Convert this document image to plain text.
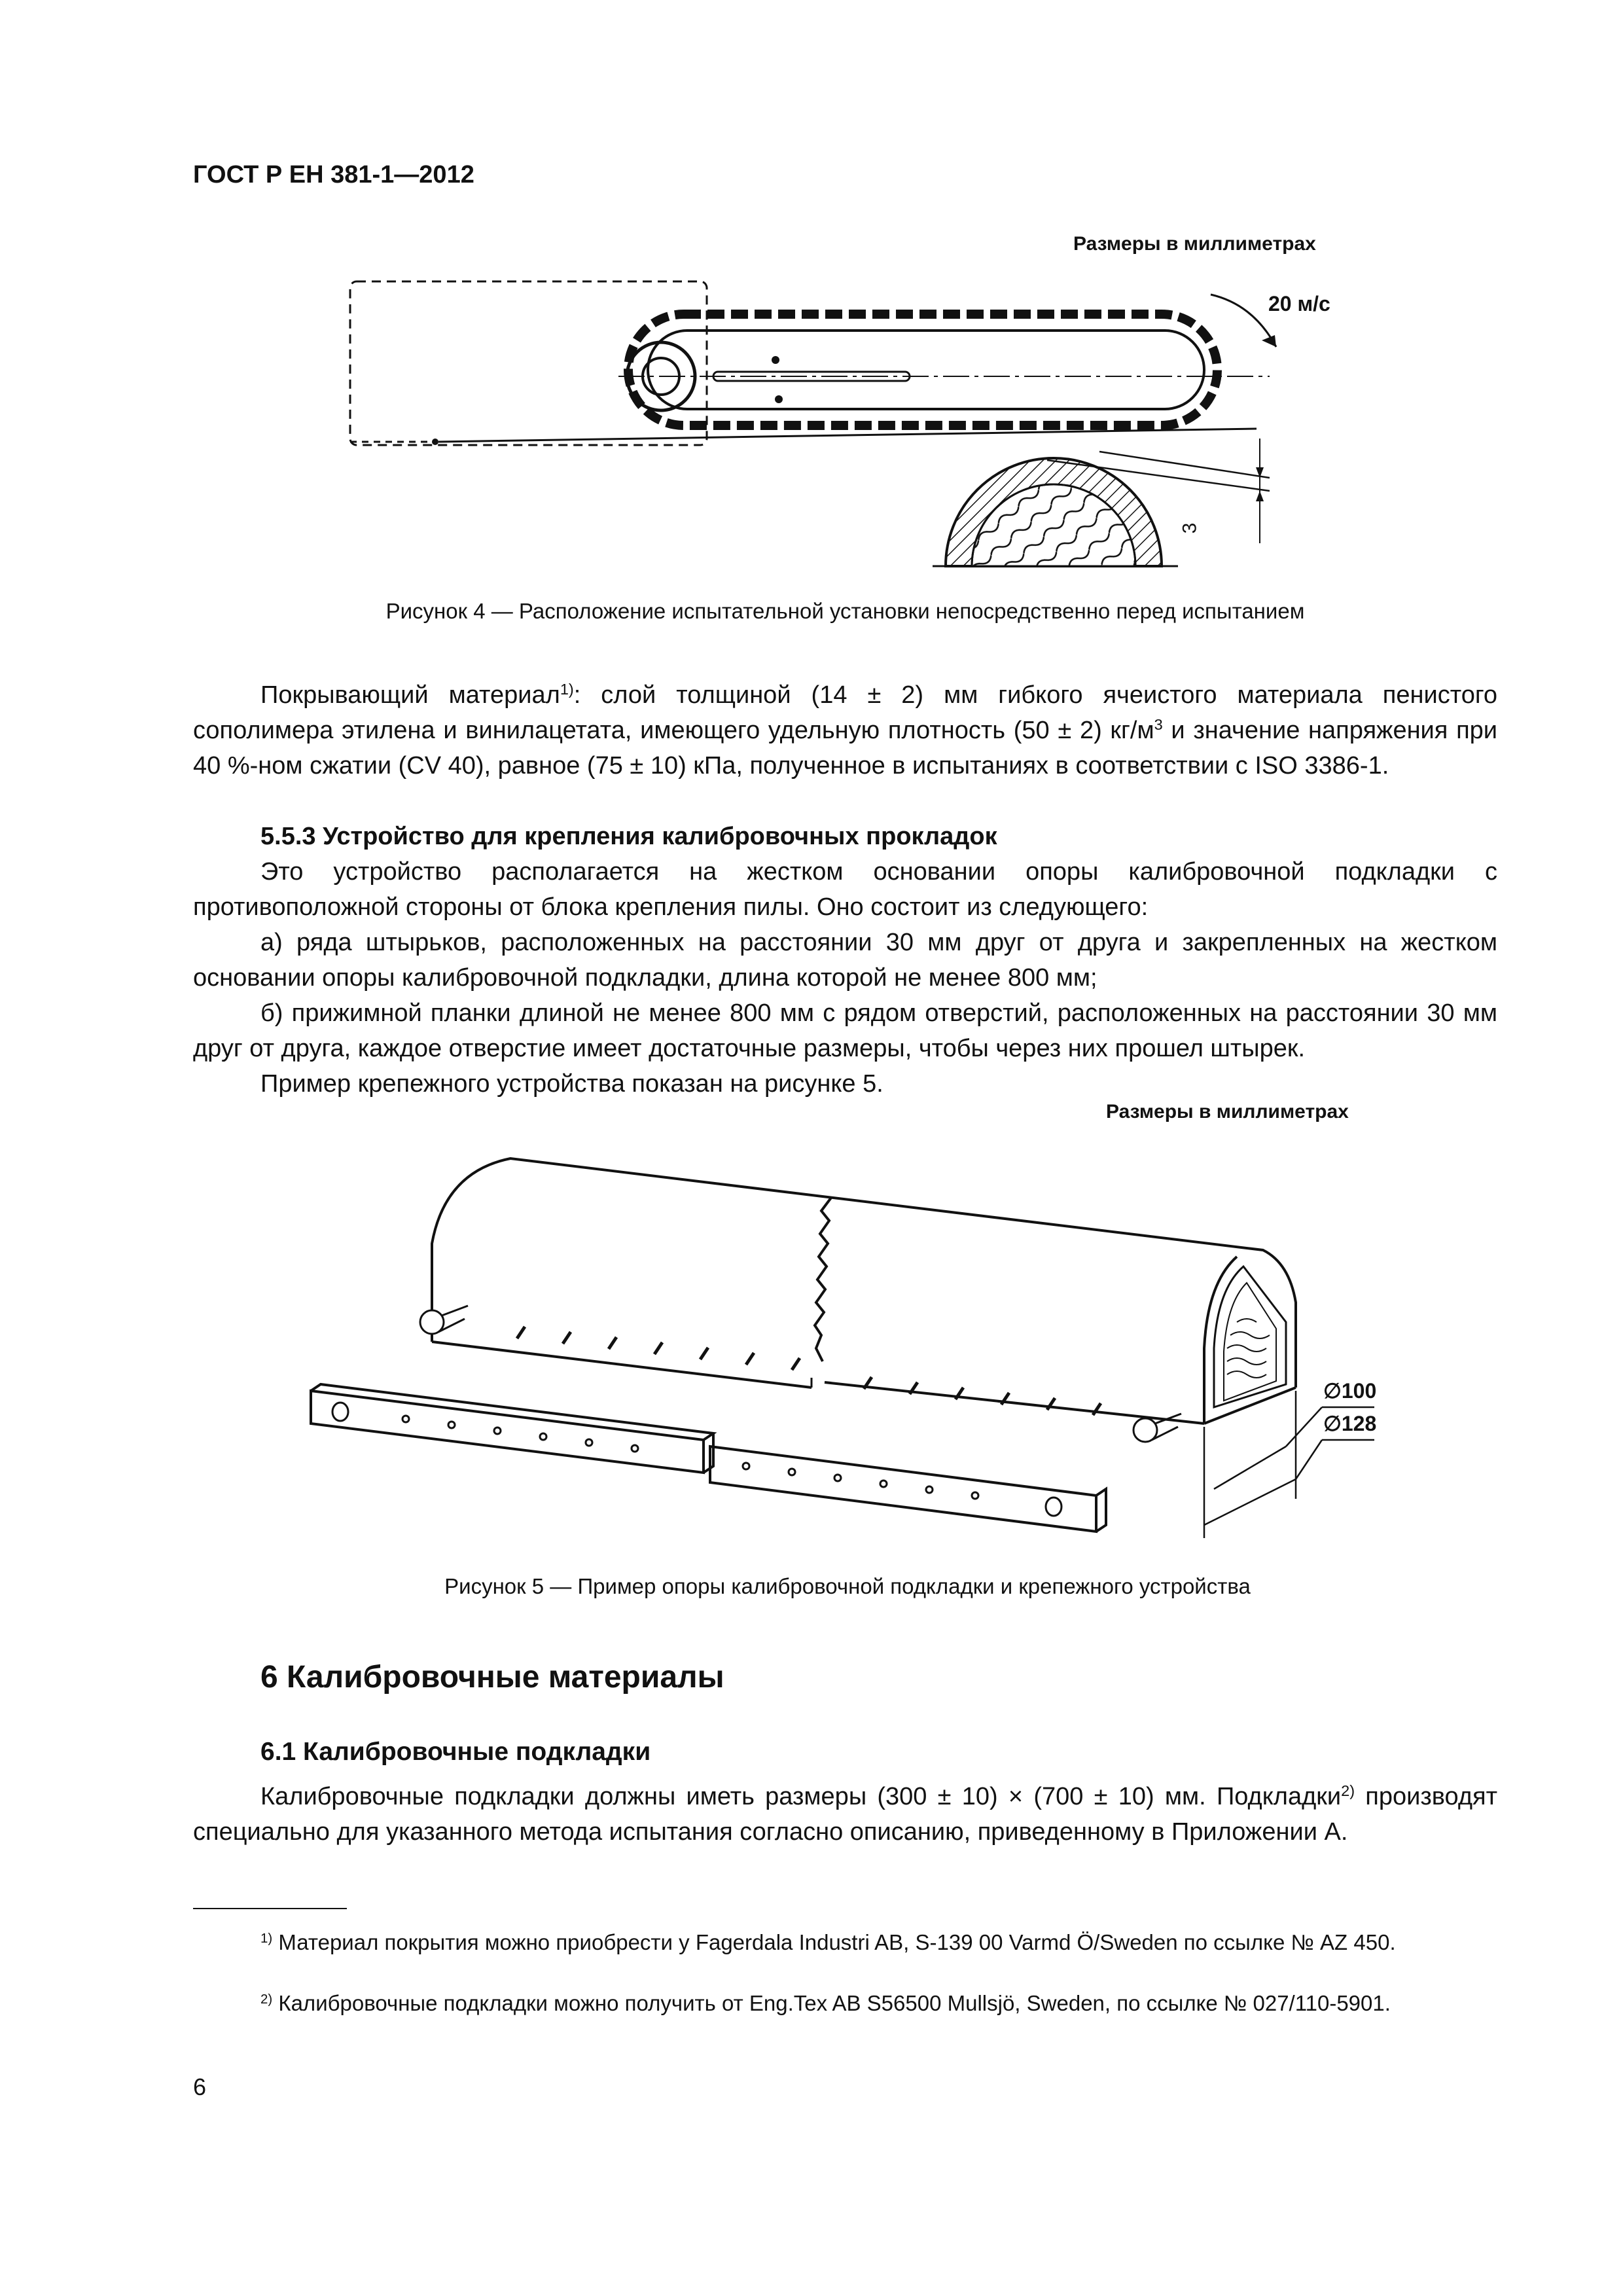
ГОСТ Р ЕН 381-1—2012
Размеры в миллиметрах
20 м/с
3
Рисунок 4 — Расположение испытательной установки непосредственно перед испытанием
Покрывающий материал$^{1)}$: слой толщиной (14 ± 2) мм гибкого ячеистого материала пенистого сополимера этилена и винилацетата, имеющего удельную плотность (50 ± 2) $кг/м^3$ и значение напряжения при 40 %-ном сжатии (CV 40), равное (75 ± 10) кПа, полученное в испытаниях в соответствии с ISO 3386-1.
5.5.3 Устройство для крепления калибровочных прокладок
Это устройство располагается на жестком основании опоры калибровочной подкладки с противоположной стороны от блока крепления пилы. Оно состоит из следующего:
а) ряда штырьков, расположенных на расстоянии 30 мм друг от друга и закрепленных на жестком основании опоры калибровочной подкладки, длина которой не менее 800 мм;
б) прижимной планки длиной не менее 800 мм с рядом отверстий, расположенных на расстоянии 30 мм друг от друга, каждое отверстие имеет достаточные размеры, чтобы через них прошел штырек.
Пример крепежного устройства показан на рисунке 5.
Размеры в миллиметрах
∅100
∅128
Рисунок 5 — Пример опоры калибровочной подкладки и крепежного устройства
6 Калибровочные материалы
6.1 Калибровочные подкладки
Калибровочные подкладки должны иметь размеры (300 ± 10) × (700 ± 10) мм. Подкладки$^{2)}$ производят специально для указанного метода испытания согласно описанию, приведенному в Приложении А.
$^{1)}$ Материал покрытия можно приобрести у Fagerdala Industri AB, S-139 00 Varmd Ö/Sweden по ссылке № AZ 450.
$^{2)}$ Калибровочные подкладки можно получить от Eng.Tex AB S56500 Mullsjö, Sweden, по ссылке № 027/110-5901.
6
